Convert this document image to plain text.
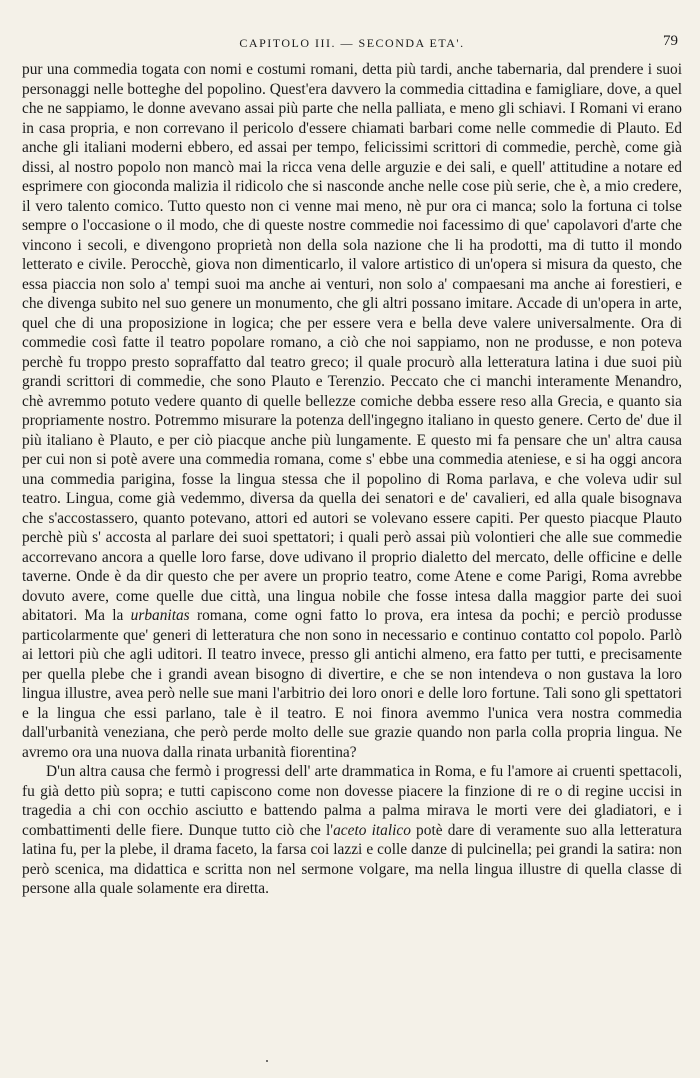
CAPITOLO III. — SECONDA ETA'.	79

pur una commedia togata con nomi e costumi romani, detta più tardi, anche tabernaria, dal prendere i suoi personaggi nelle botteghe del popolino. Quest'era davvero la commedia cittadina e famigliare, dove, a quel che ne sappiamo, le donne avevano assai più parte che nella palliata, e meno gli schiavi. I Romani vi erano in casa propria, e non correvano il pericolo d'essere chiamati barbari come nelle commedie di Plauto. Ed anche gli italiani moderni ebbero, ed assai per tempo, felicissimi scrittori di commedie, perchè, come già dissi, al nostro popolo non mancò mai la ricca vena delle arguzie e dei sali, e quell' attitudine a notare ed esprimere con gioconda malizia il ridicolo che si nasconde anche nelle cose più serie, che è, a mio credere, il vero talento comico. Tutto questo non ci venne mai meno, nè pur ora ci manca; solo la fortuna ci tolse sempre o l'occasione o il modo, che di queste nostre commedie noi facessimo di que' capolavori d'arte che vincono i secoli, e divengono proprietà non della sola nazione che li ha prodotti, ma di tutto il mondo letterato e civile. Perocchè, giova non dimenticarlo, il valore artistico di un'opera si misura da questo, che essa piaccia non solo a' tempi suoi ma anche ai venturi, non solo a' compaesani ma anche ai forestieri, e che divenga subito nel suo genere un monumento, che gli altri possano imitare. Accade di un'opera in arte, quel che di una proposizione in logica; che per essere vera e bella deve valere universalmente. Ora di commedie così fatte il teatro popolare romano, a ciò che noi sappiamo, non ne produsse, e non poteva perchè fu troppo presto sopraffatto dal teatro greco; il quale procurò alla letteratura latina i due suoi più grandi scrittori di commedie, che sono Plauto e Terenzio. Peccato che ci manchi interamente Menandro, chè avremmo potuto vedere quanto di quelle bellezze comiche debba essere reso alla Grecia, e quanto sia propriamente nostro. Potremmo misurare la potenza dell'ingegno italiano in questo genere. Certo de' due il più italiano è Plauto, e per ciò piacque anche più lungamente. E questo mi fa pensare che un' altra causa per cui non si potè avere una commedia romana, come s' ebbe una commedia ateniese, e si ha oggi ancora una commedia parigina, fosse la lingua stessa che il popolino di Roma parlava, e che voleva udir sul teatro. Lingua, come già vedemmo, diversa da quella dei senatori e de' cavalieri, ed alla quale bisognava che s'accostassero, quanto potevano, attori ed autori se volevano essere capiti. Per questo piacque Plauto perchè più s' accosta al parlare dei suoi spettatori; i quali però assai più volontieri che alle sue commedie accorrevano ancora a quelle loro farse, dove udivano il proprio dialetto del mercato, delle officine e delle taverne. Onde è da dir questo che per avere un proprio teatro, come Atene e come Parigi, Roma avrebbe dovuto avere, come quelle due città, una lingua nobile che fosse intesa dalla maggior parte dei suoi abitatori. Ma la urbanitas romana, come ogni fatto lo prova, era intesa da pochi; e perciò produsse particolarmente que' generi di letteratura che non sono in necessario e continuo contatto col popolo. Parlò ai lettori più che agli uditori. Il teatro invece, presso gli antichi almeno, era fatto per tutti, e precisamente per quella plebe che i grandi avean bisogno di divertire, e che se non intendeva o non gustava la loro lingua illustre, avea però nelle sue mani l'arbitrio dei loro onori e delle loro fortune. Tali sono gli spettatori e la lingua che essi parlano, tale è il teatro. E noi finora avemmo l'unica vera nostra commedia dall'urbanità veneziana, che però perde molto delle sue grazie quando non parla colla propria lingua. Ne avremo ora una nuova dalla rinata urbanità fiorentina?

D'un altra causa che fermò i progressi dell' arte drammatica in Roma, e fu l'amore ai cruenti spettacoli, fu già detto più sopra; e tutti capiscono come non dovesse piacere la finzione di re o di regine uccisi in tragedia a chi con occhio asciutto e battendo palma a palma mirava le morti vere dei gladiatori, e i combattimenti delle fiere. Dunque tutto ciò che l'aceto italico potè dare di veramente suo alla letteratura latina fu, per la plebe, il drama faceto, la farsa coi lazzi e colle danze di pulcinella; pei grandi la satira: non però scenica, ma didattica e scritta non nel sermone volgare, ma nella lingua illustre di quella classe di persone alla quale solamente era diretta.
